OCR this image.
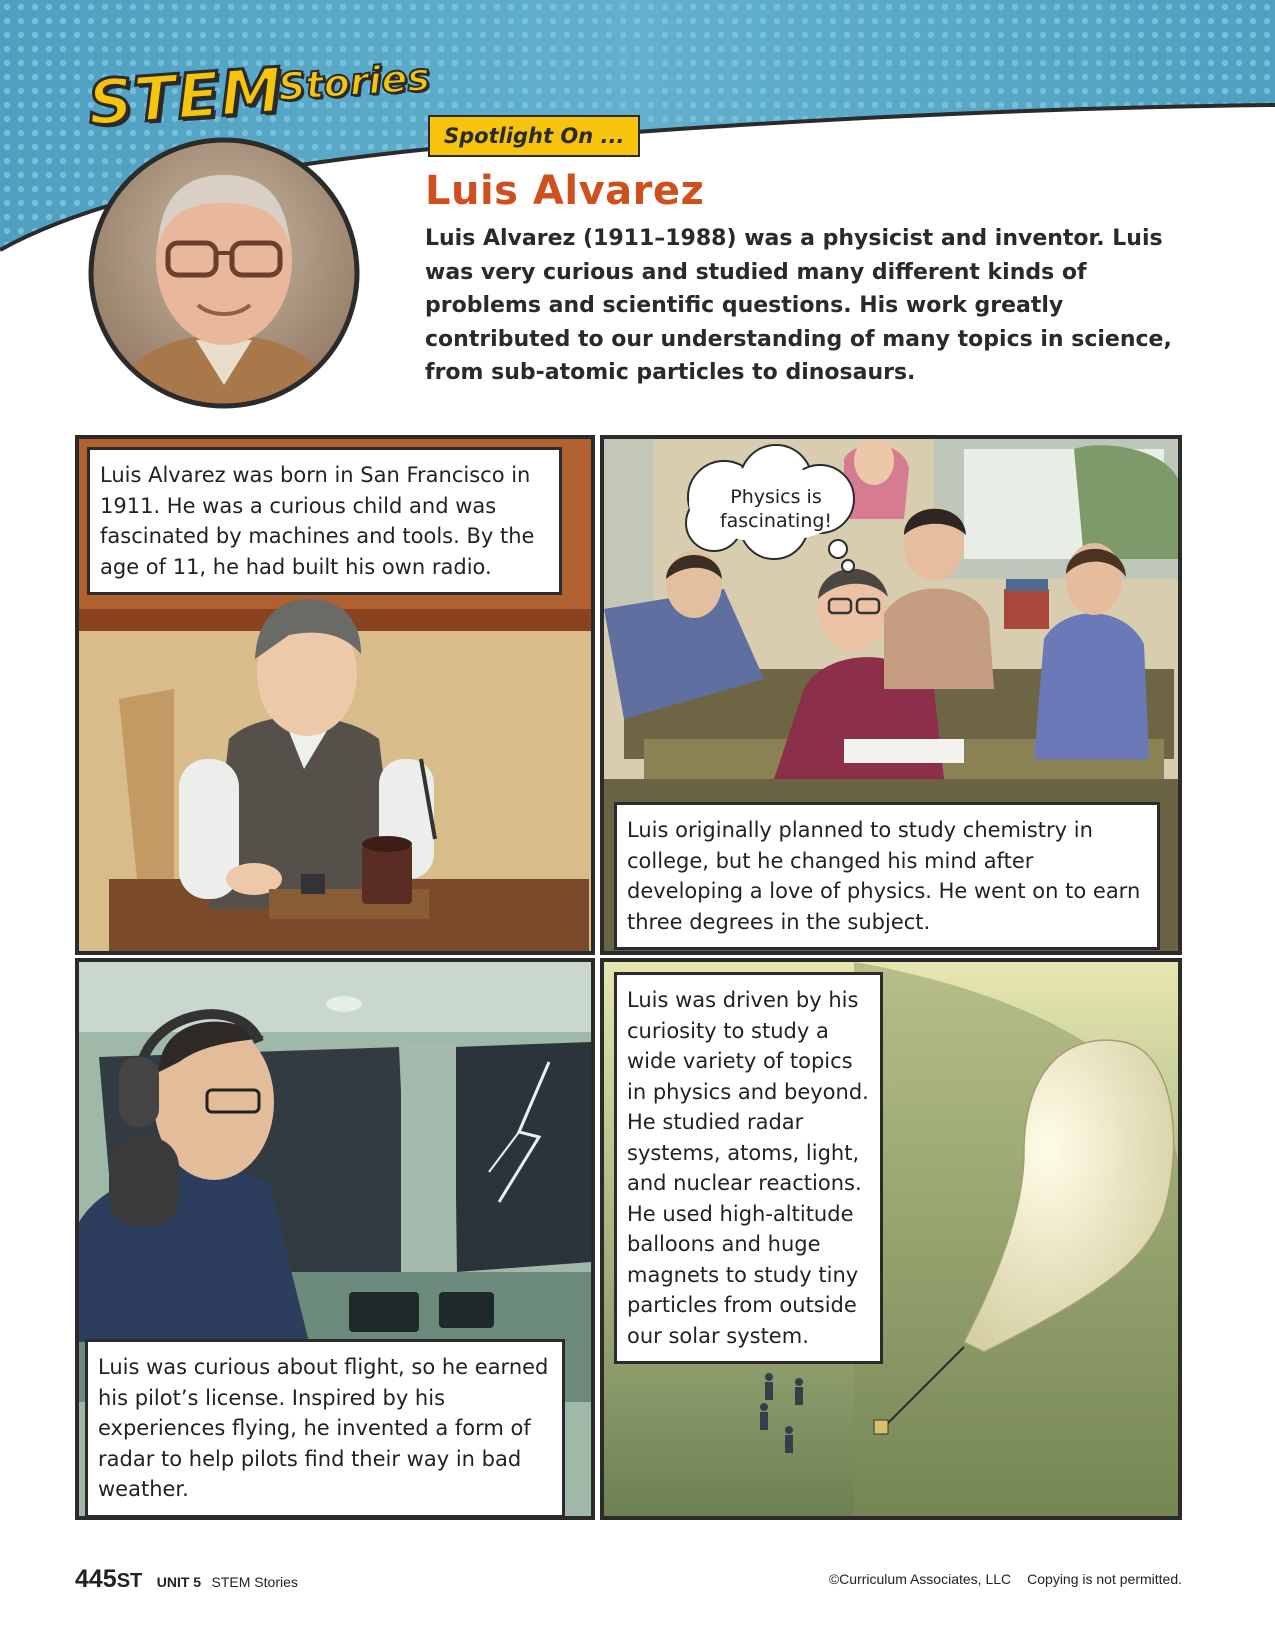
STEM
Stories
Spotlight On ...
Luis Alvarez

Luis Alvarez (1911–1988) was a physicist and inventor. Luis was very curious and studied many different kinds of problems and scientific questions. His work greatly contributed to our understanding of many topics in science, from sub-atomic particles to dinosaurs.

Luis Alvarez was born in San Francisco in 1911. He was a curious child and was fascinated by machines and tools. By the age of 11, he had built his own radio.
Physics is fascinating!
Luis originally planned to study chemistry in college, but he changed his mind after developing a love of physics. He went on to earn three degrees in the subject.
Luis was curious about flight, so he earned his pilot’s license. Inspired by his experiences flying, he invented a form of radar to help pilots find their way in bad weather.
Luis was driven by his curiosity to study a wide variety of topics in physics and beyond. He studied radar systems, atoms, light, and nuclear reactions. He used high-altitude balloons and huge magnets to study tiny particles from outside our solar system.
445ST UNIT 5 STEM Stories	©Curriculum Associates, LLC Copying is not permitted.
